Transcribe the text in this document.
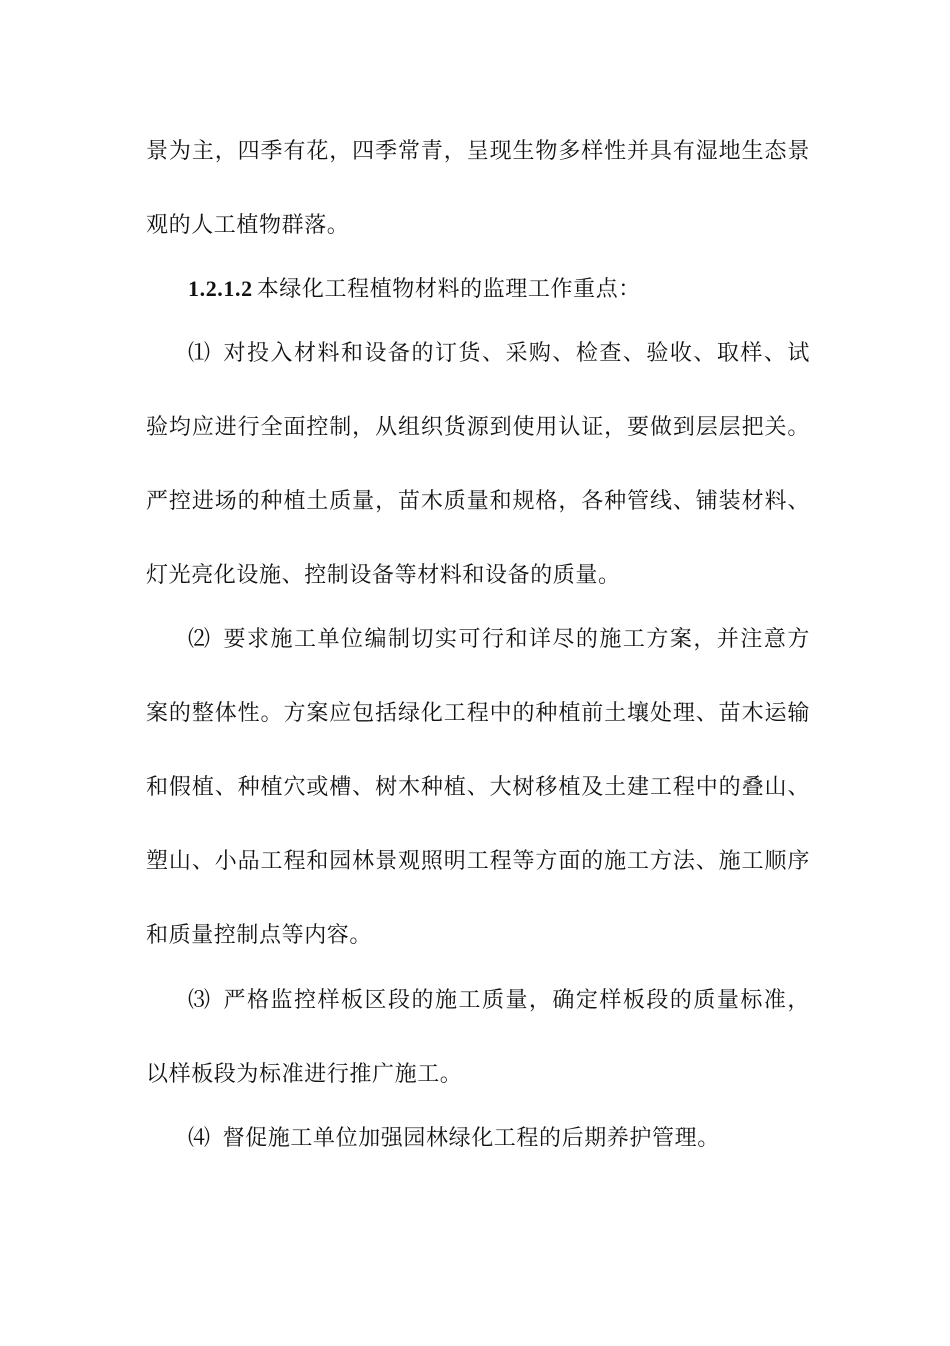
景为主，四季有花，四季常青，呈现生物多样性并具有湿地生态景
观的人工植物群落。
1.2.1.2 本绿化工程植物材料的监理工作重点：
⑴ 对投入材料和设备的订货、采购、检查、验收、取样、试
验均应进行全面控制，从组织货源到使用认证，要做到层层把关。
严控进场的种植土质量，苗木质量和规格，各种管线、铺装材料、
灯光亮化设施、控制设备等材料和设备的质量。
⑵ 要求施工单位编制切实可行和详尽的施工方案，并注意方
案的整体性。方案应包括绿化工程中的种植前土壤处理、苗木运输
和假植、种植穴或槽、树木种植、大树移植及土建工程中的叠山、
塑山、小品工程和园林景观照明工程等方面的施工方法、施工顺序
和质量控制点等内容。
⑶ 严格监控样板区段的施工质量，确定样板段的质量标准，
以样板段为标准进行推广施工。
⑷ 督促施工单位加强园林绿化工程的后期养护管理。
